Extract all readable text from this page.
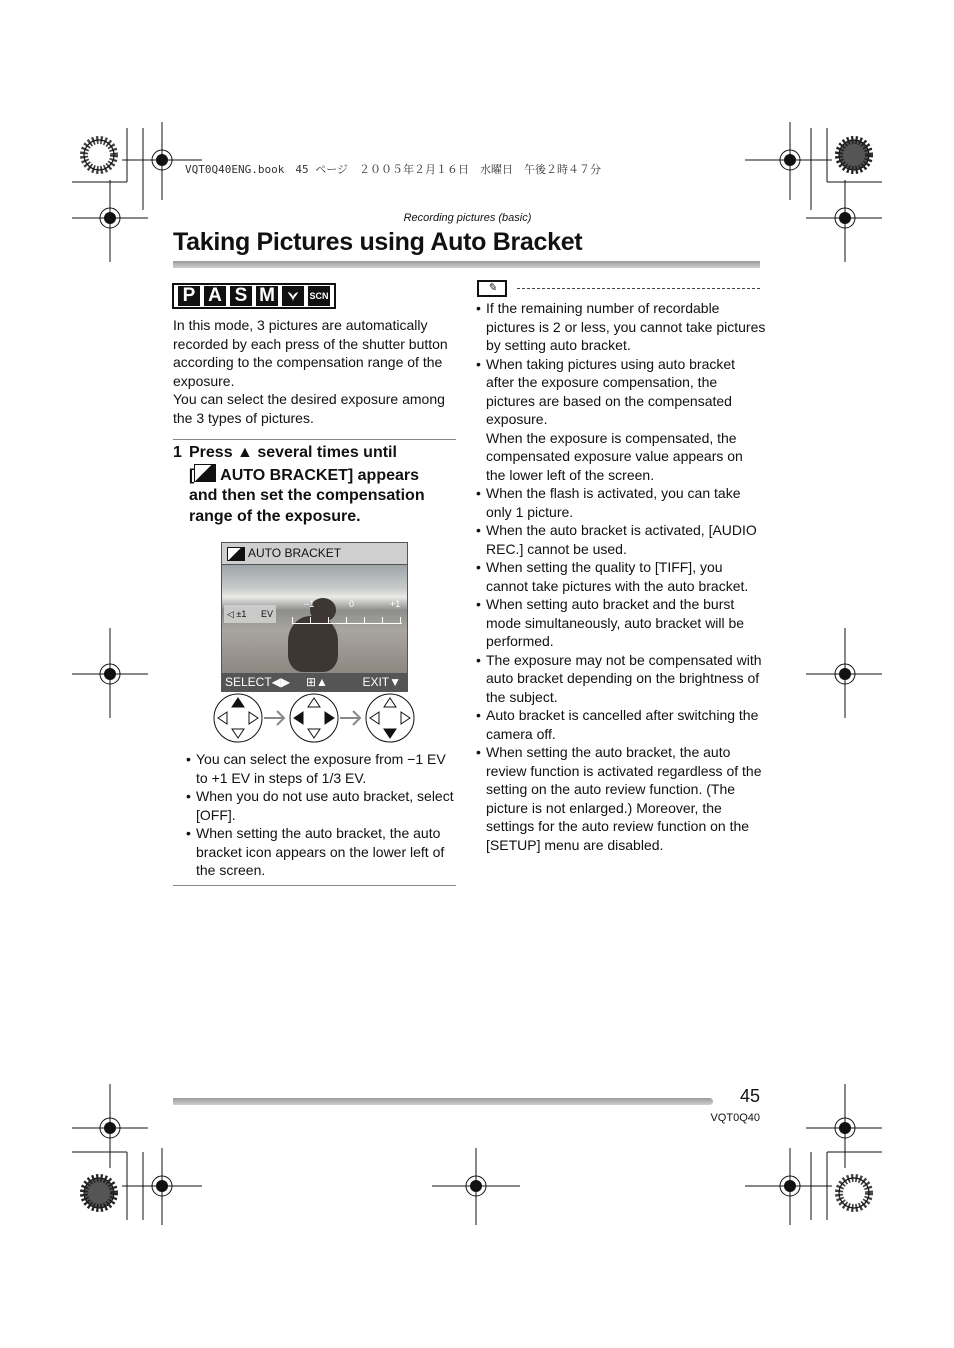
VQT0Q40ENG.book　45 ページ　２００５年２月１６日　水曜日　午後２時４７分
Recording pictures (basic)
Taking Pictures using Auto Bracket
P A S M	SCN

In this mode, 3 pictures are automatically recorded by each press of the shutter button according to the compensation range of the exposure.

You can select the desired exposure among the 3 types of pictures.

1 Press ▲ several times until
[ AUTO BRACKET] appears
and then set the compensation range of the exposure.
◁ ±1 EV
−1	0	+1
AUTO BRACKET
SELECT◀▶ ⊞▲	EXIT▼
• You can select the exposure from −1 EV to +1 EV in steps of 1/3 EV.
• When you do not use auto bracket, select [OFF].
• When setting the auto bracket, the auto bracket icon appears on the lower left of the screen.
✎
• If the remaining number of recordable pictures is 2 or less, you cannot take pictures by setting auto bracket.
• When taking pictures using auto bracket after the exposure compensation, the pictures are based on the compensated exposure.
When the exposure is compensated, the compensated exposure value appears on the lower left of the screen.
• When the flash is activated, you can take only 1 picture.
• When the auto bracket is activated, [AUDIO REC.] cannot be used.
• When setting the quality to [TIFF], you cannot take pictures with the auto bracket.
• When setting auto bracket and the burst mode simultaneously, auto bracket will be performed.
• The exposure may not be compensated with auto bracket depending on the brightness of the subject.
• Auto bracket is cancelled after switching the camera off.
• When setting the auto bracket, the auto review function is activated regardless of the setting on the auto review function. (The picture is not enlarged.) Moreover, the settings for the auto review function on the [SETUP] menu are disabled.
45
VQT0Q40
